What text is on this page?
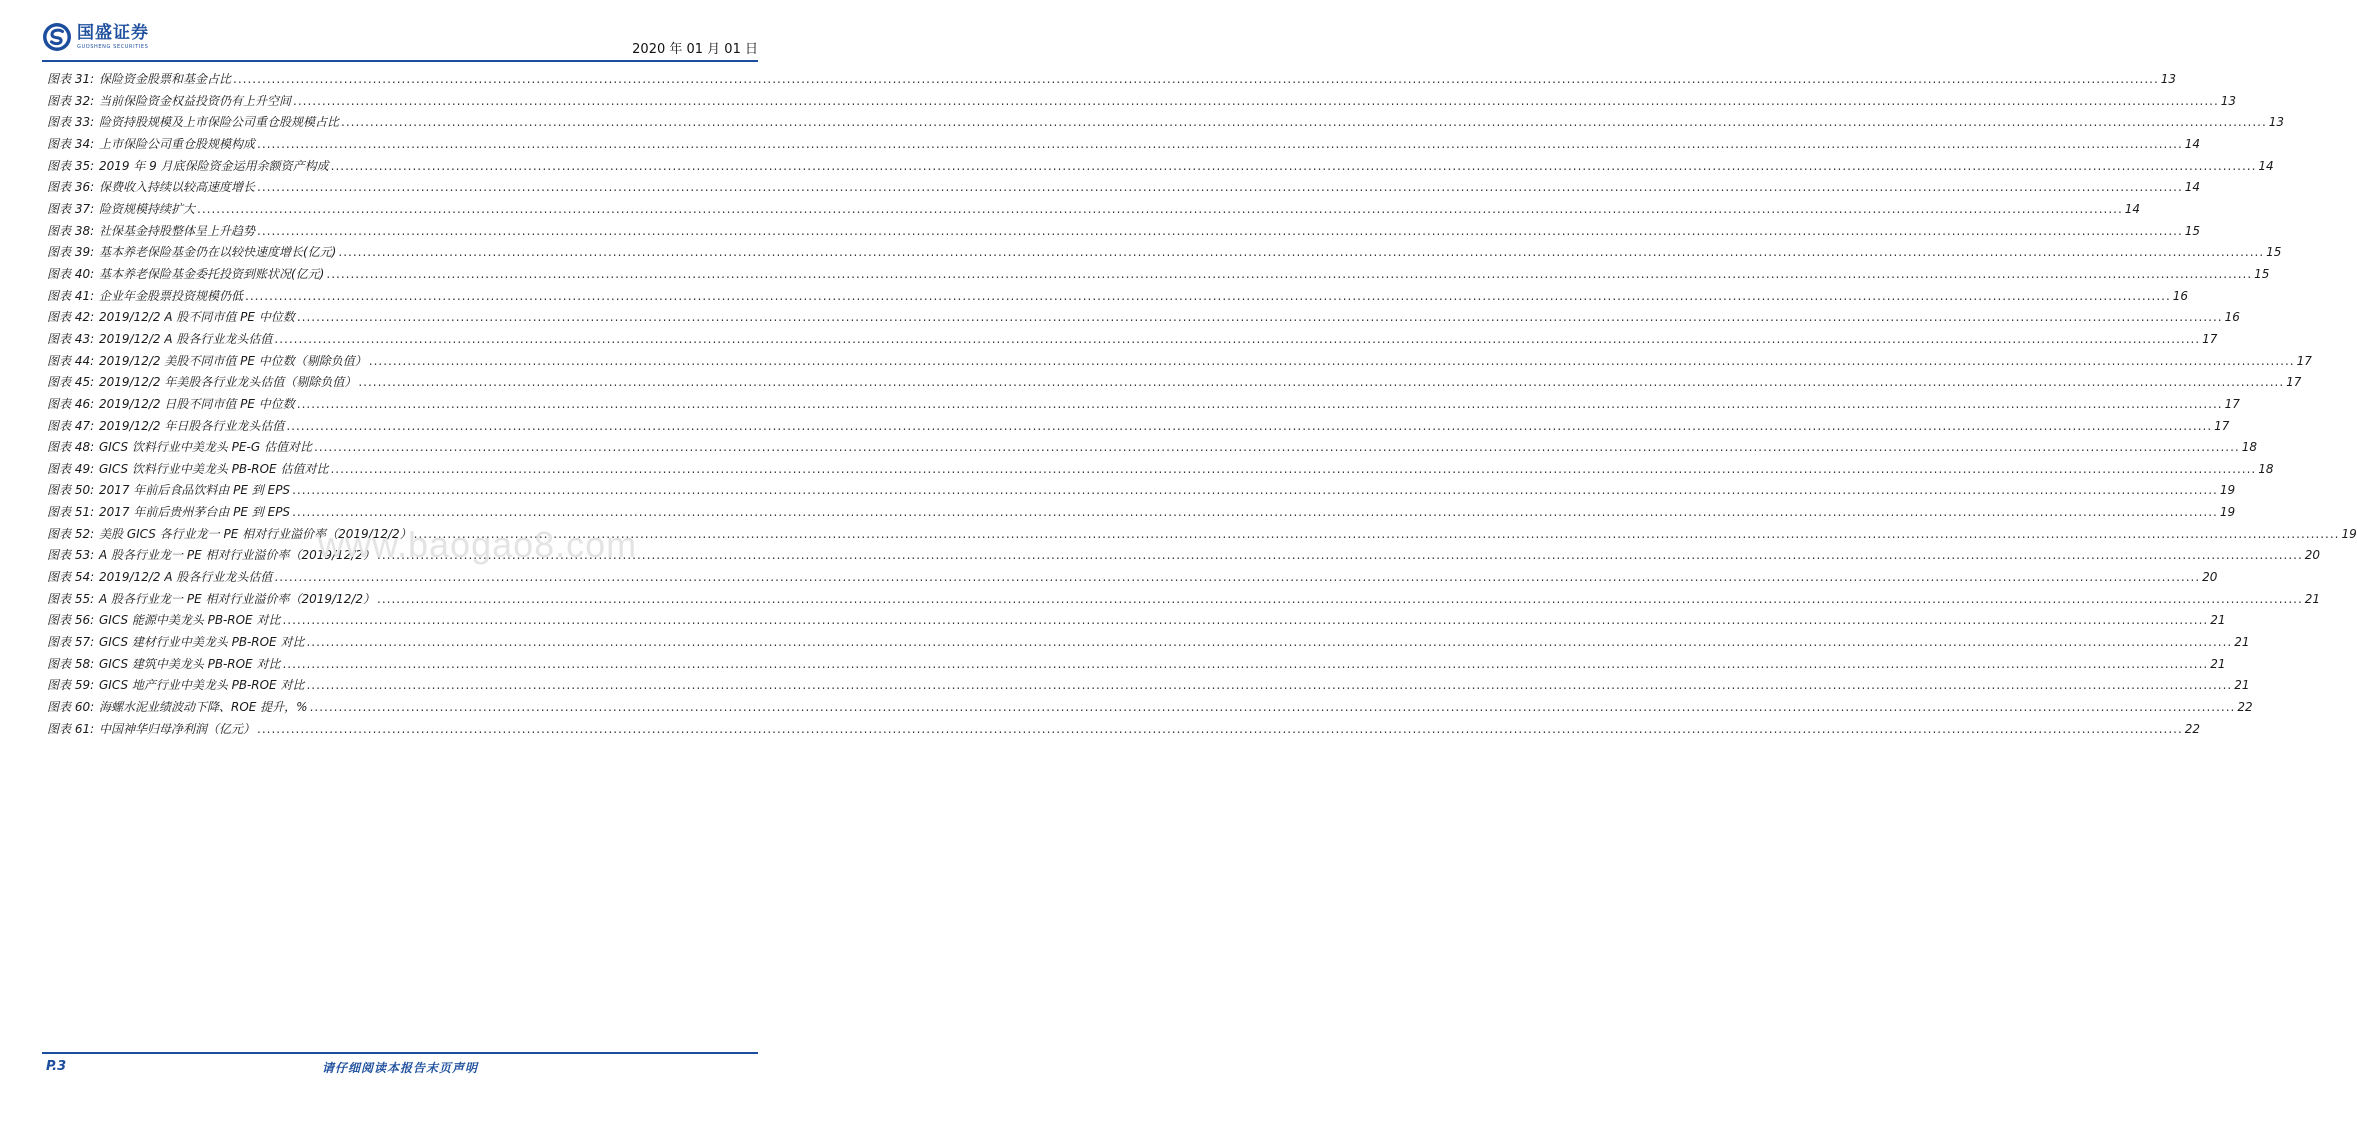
国盛证券
GUOSHENG SECURITIES	2020 年 01 月 01 日
图表 31: 保险资金股票和基金占比 ................................................................................................................................................................................................................................................................................................................................................................................................................ 13
图表 32: 当前保险资金权益投资仍有上升空间 ................................................................................................................................................................................................................................................................................................................................................................................................................ 13
图表 33: 险资持股规模及上市保险公司重仓股规模占比 ................................................................................................................................................................................................................................................................................................................................................................................................................ 13
图表 34: 上市保险公司重仓股规模构成 ................................................................................................................................................................................................................................................................................................................................................................................................................ 14
图表 35: 2019 年 9 月底保险资金运用余额资产构成 ................................................................................................................................................................................................................................................................................................................................................................................................................ 14
图表 36: 保费收入持续以较高速度增长 ................................................................................................................................................................................................................................................................................................................................................................................................................ 14
图表 37: 险资规模持续扩大 ................................................................................................................................................................................................................................................................................................................................................................................................................ 14
图表 38: 社保基金持股整体呈上升趋势 ................................................................................................................................................................................................................................................................................................................................................................................................................ 15
图表 39: 基本养老保险基金仍在以较快速度增长(亿元) ................................................................................................................................................................................................................................................................................................................................................................................................................ 15
图表 40: 基本养老保险基金委托投资到账状况(亿元) ................................................................................................................................................................................................................................................................................................................................................................................................................ 15
图表 41: 企业年金股票投资规模仍低 ................................................................................................................................................................................................................................................................................................................................................................................................................ 16
图表 42: 2019/12/2 A 股不同市值 PE 中位数 ................................................................................................................................................................................................................................................................................................................................................................................................................ 16
图表 43: 2019/12/2 A 股各行业龙头估值 ................................................................................................................................................................................................................................................................................................................................................................................................................ 17
图表 44: 2019/12/2 美股不同市值 PE 中位数（剔除负值） ................................................................................................................................................................................................................................................................................................................................................................................................................ 17
图表 45: 2019/12/2 年美股各行业龙头估值（剔除负值） ................................................................................................................................................................................................................................................................................................................................................................................................................ 17
图表 46: 2019/12/2 日股不同市值 PE 中位数 ................................................................................................................................................................................................................................................................................................................................................................................................................ 17
图表 47: 2019/12/2 年日股各行业龙头估值 ................................................................................................................................................................................................................................................................................................................................................................................................................ 17
图表 48: GICS 饮料行业中美龙头 PE-G 估值对比 ................................................................................................................................................................................................................................................................................................................................................................................................................ 18
图表 49: GICS 饮料行业中美龙头 PB-ROE 估值对比 ................................................................................................................................................................................................................................................................................................................................................................................................................ 18
图表 50: 2017 年前后食品饮料由 PE 到 EPS ................................................................................................................................................................................................................................................................................................................................................................................................................ 19
图表 51: 2017 年前后贵州茅台由 PE 到 EPS ................................................................................................................................................................................................................................................................................................................................................................................................................ 19
图表 52: 美股 GICS 各行业龙一 PE 相对行业溢价率（2019/12/2） ................................................................................................................................................................................................................................................................................................................................................................................................................ 19
图表 53: A 股各行业龙一 PE 相对行业溢价率（2019/12/2） ................................................................................................................................................................................................................................................................................................................................................................................................................ 20
图表 54: 2019/12/2 A 股各行业龙头估值 ................................................................................................................................................................................................................................................................................................................................................................................................................ 20
图表 55: A 股各行业龙一 PE 相对行业溢价率（2019/12/2） ................................................................................................................................................................................................................................................................................................................................................................................................................ 21
图表 56: GICS 能源中美龙头 PB-ROE 对比 ................................................................................................................................................................................................................................................................................................................................................................................................................ 21
图表 57: GICS 建材行业中美龙头 PB-ROE 对比 ................................................................................................................................................................................................................................................................................................................................................................................................................ 21
图表 58: GICS 建筑中美龙头 PB-ROE 对比 ................................................................................................................................................................................................................................................................................................................................................................................................................ 21
图表 59: GICS 地产行业中美龙头 PB-ROE 对比 ................................................................................................................................................................................................................................................................................................................................................................................................................ 21
图表 60: 海螺水泥业绩波动下降、ROE 提升，% ................................................................................................................................................................................................................................................................................................................................................................................................................ 22
图表 61: 中国神华归母净利润（亿元） ................................................................................................................................................................................................................................................................................................................................................................................................................ 22
www.baogao8.com
请仔细阅读本报告末页声明
P.3
